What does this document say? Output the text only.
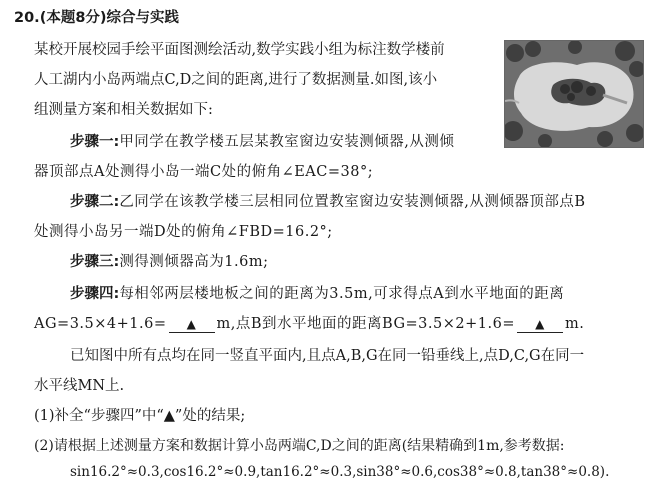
20.(本题8分)综合与实践
某校开展校园手绘平面图测绘活动,数学实践小组为标注数学楼前
人工湖内小岛两端点C,D之间的距离,进行了数据测量.如图,该小
组测量方案和相关数据如下:
步骤一:甲同学在教学楼五层某教室窗边安装测倾器,从测倾
器顶部点A处测得小岛一端C处的俯角∠EAC=38°;
步骤二:乙同学在该教学楼三层相同位置教室窗边安装测倾器,从测倾器顶部点B
处测得小岛另一端D处的俯角∠FBD=16.2°;
步骤三:测得测倾器高为1.6m;
步骤四:每相邻两层楼地板之间的距离为3.5m,可求得点A到水平地面的距离
AG=3.5×4+1.6= ▲ m,点B到水平地面的距离BG=3.5×2+1.6= ▲ m.
已知图中所有点均在同一竖直平面内,且点A,B,G在同一铅垂线上,点D,C,G在同一
水平线MN上.
(1)补全“步骤四”中“▲”处的结果;
(2)请根据上述测量方案和数据计算小岛两端C,D之间的距离(结果精确到1m,参考数据:
sin16.2°≈0.3,cos16.2°≈0.9,tan16.2°≈0.3,sin38°≈0.6,cos38°≈0.8,tan38°≈0.8).
